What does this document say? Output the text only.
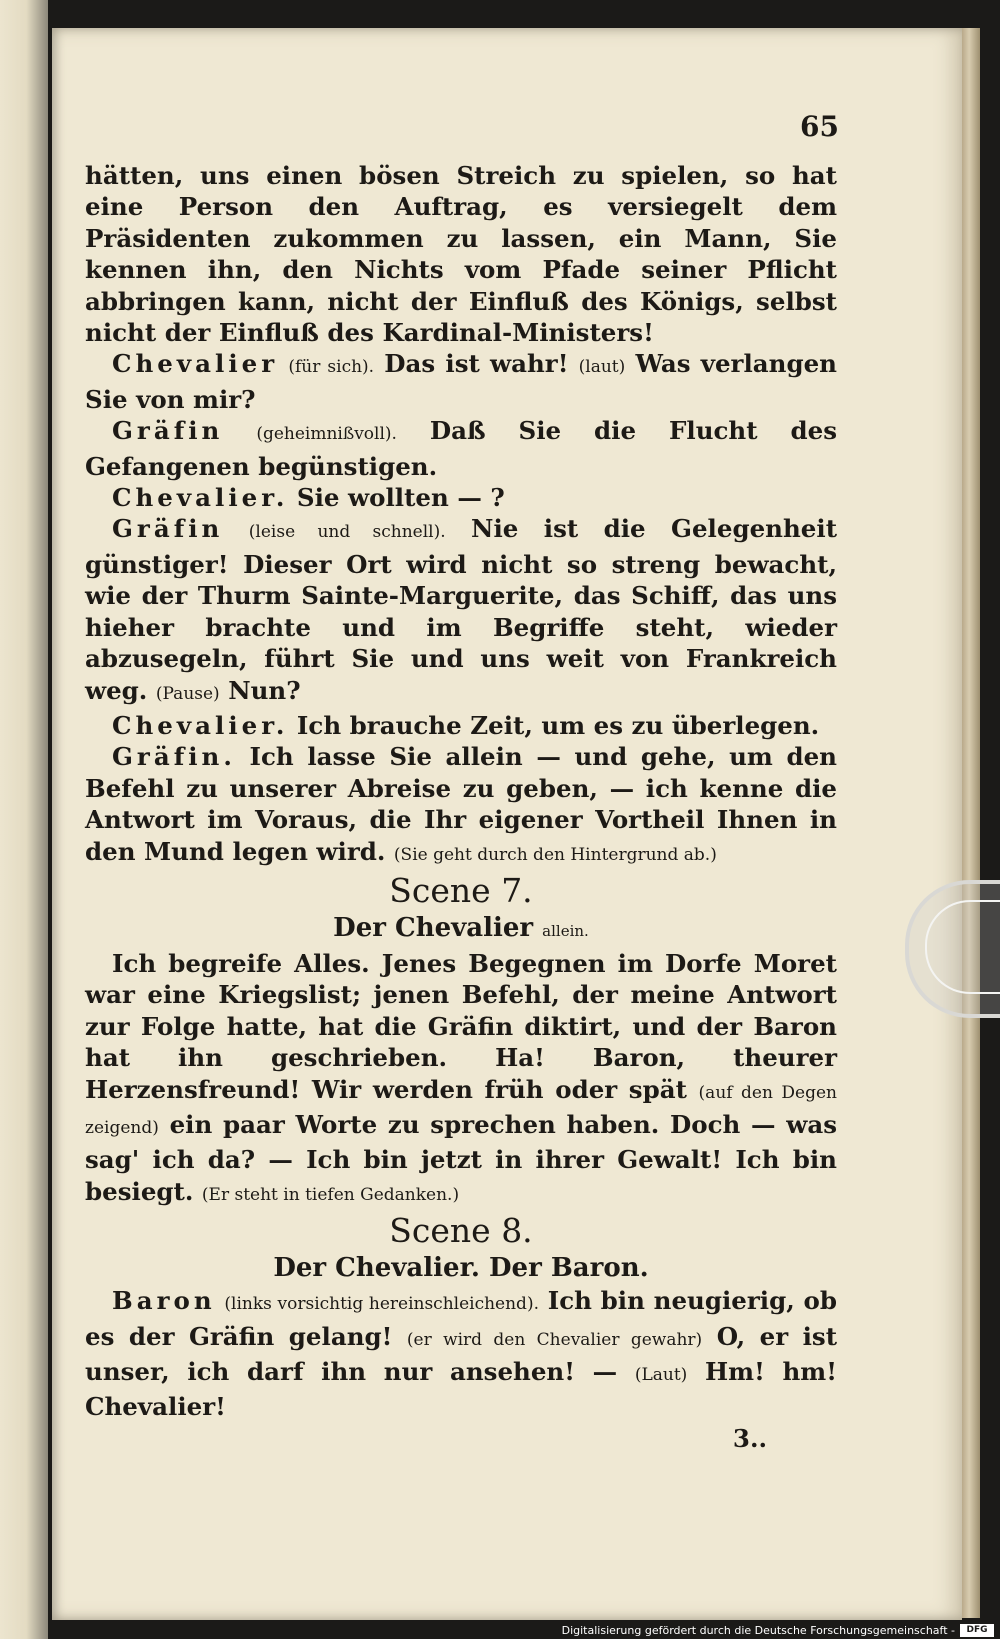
65

hätten, uns einen bösen Streich zu spielen, so hat eine Person den Auftrag, es versiegelt dem Präsidenten zukommen zu lassen, ein Mann, Sie kennen ihn, den Nichts vom Pfade seiner Pflicht abbringen kann, nicht der Einfluß des Königs, selbst nicht der Einfluß des Kardinal-Ministers!

Chevalier (für sich). Das ist wahr! (laut) Was verlangen Sie von mir?

Gräfin (geheimnißvoll). Daß Sie die Flucht des Gefangenen begünstigen.

Chevalier. Sie wollten — ?

Gräfin (leise und schnell). Nie ist die Gelegenheit günstiger! Dieser Ort wird nicht so streng bewacht, wie der Thurm Sainte-Marguerite, das Schiff, das uns hieher brachte und im Begriffe steht, wieder abzusegeln, führt Sie und uns weit von Frankreich weg. (Pause) Nun?

Chevalier. Ich brauche Zeit, um es zu überlegen.

Gräfin. Ich lasse Sie allein — und gehe, um den Befehl zu unserer Abreise zu geben, — ich kenne die Antwort im Voraus, die Ihr eigener Vortheil Ihnen in den Mund legen wird. (Sie geht durch den Hintergrund ab.)

Scene 7.

Der Chevalier allein.

Ich begreife Alles. Jenes Begegnen im Dorfe Moret war eine Kriegslist; jenen Befehl, der meine Antwort zur Folge hatte, hat die Gräfin diktirt, und der Baron hat ihn geschrieben. Ha! Baron, theurer Herzensfreund! Wir werden früh oder spät (auf den Degen zeigend) ein paar Worte zu sprechen haben. Doch — was sag' ich da? — Ich bin jetzt in ihrer Gewalt! Ich bin besiegt. (Er steht in tiefen Gedanken.)

Scene 8.

Der Chevalier. Der Baron.

Baron (links vorsichtig hereinschleichend). Ich bin neugierig, ob es der Gräfin gelang! (er wird den Chevalier gewahr) O, er ist unser, ich darf ihn nur ansehen! — (Laut) Hm! hm! Chevalier!

3..

Digitalisierung gefördert durch die Deutsche Forschungsgemeinschaft -	DFG
